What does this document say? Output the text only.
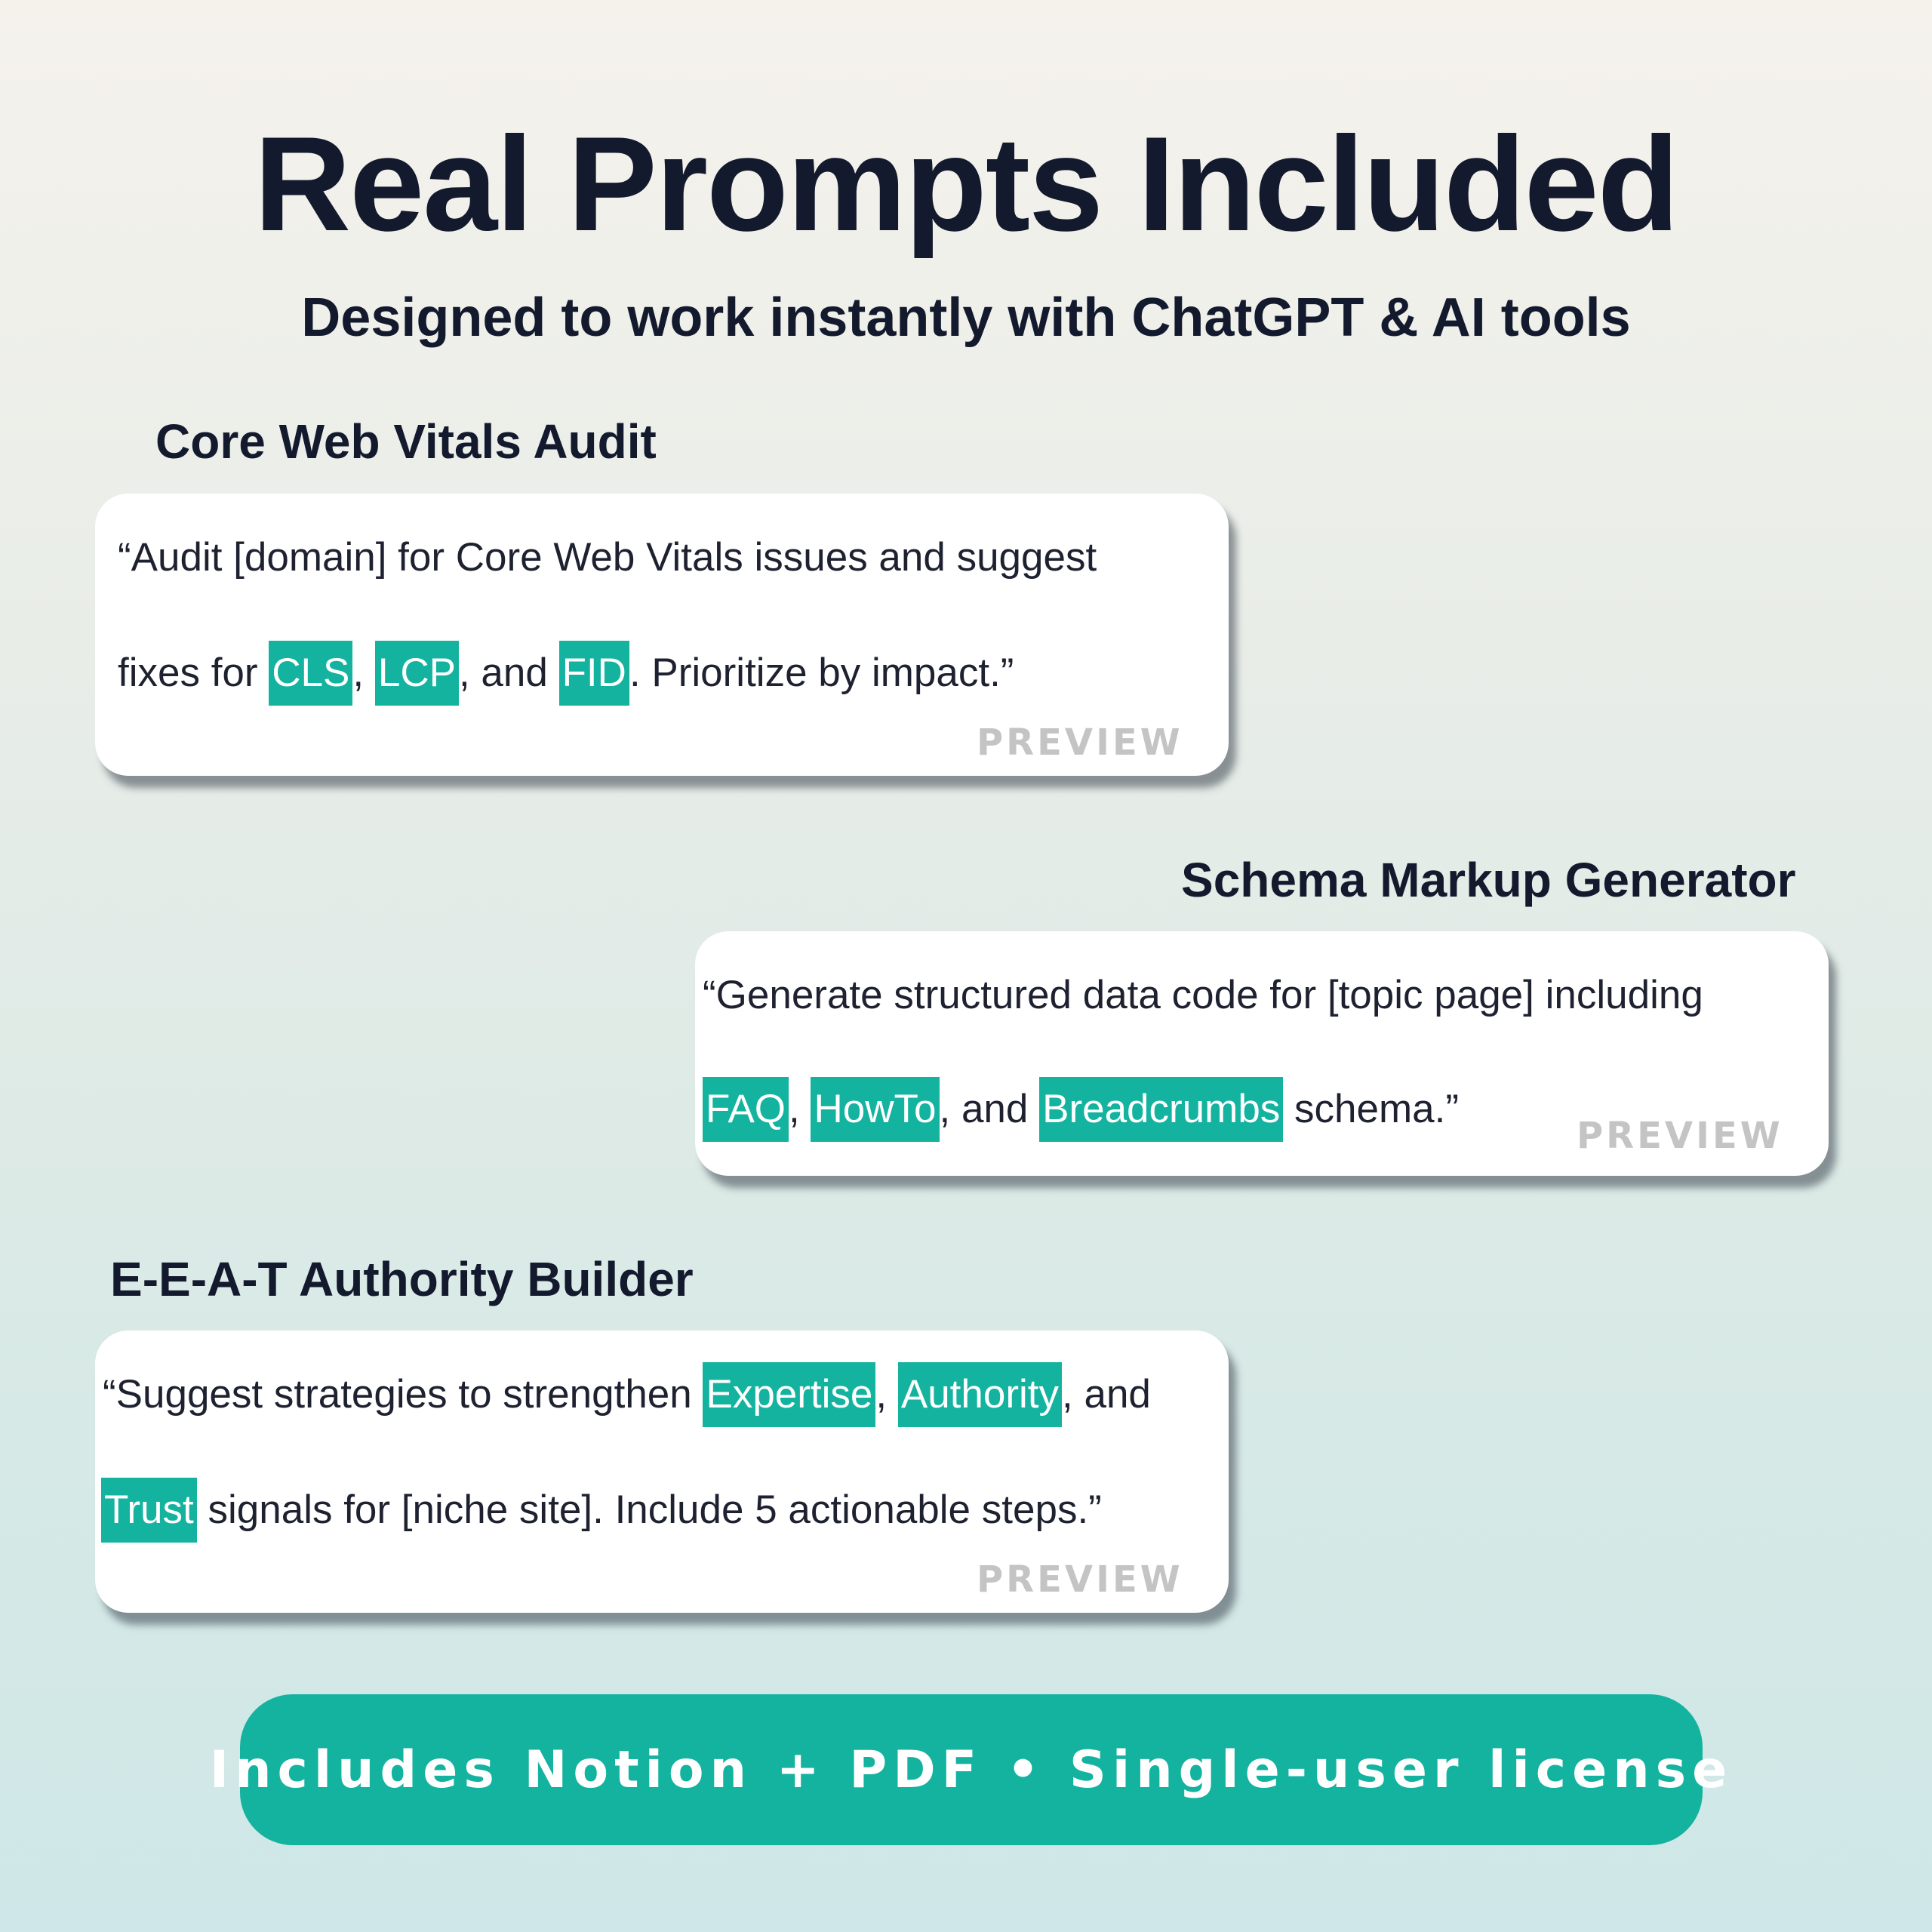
Real Prompts Included
Designed to work instantly with ChatGPT & AI tools
Core Web Vitals Audit
“Audit [domain] for Core Web Vitals issues and suggest
fixes for CLS, LCP, and FID. Prioritize by impact.”
PREVIEW
Schema Markup Generator
“Generate structured data code for [topic page] including
FAQ, HowTo, and Breadcrumbs schema.”
PREVIEW
E-E-A-T Authority Builder
“Suggest strategies to strengthen Expertise, Authority, and
Trust signals for [niche site]. Include 5 actionable steps.”
PREVIEW
Includes Notion + PDF • Single-user license
